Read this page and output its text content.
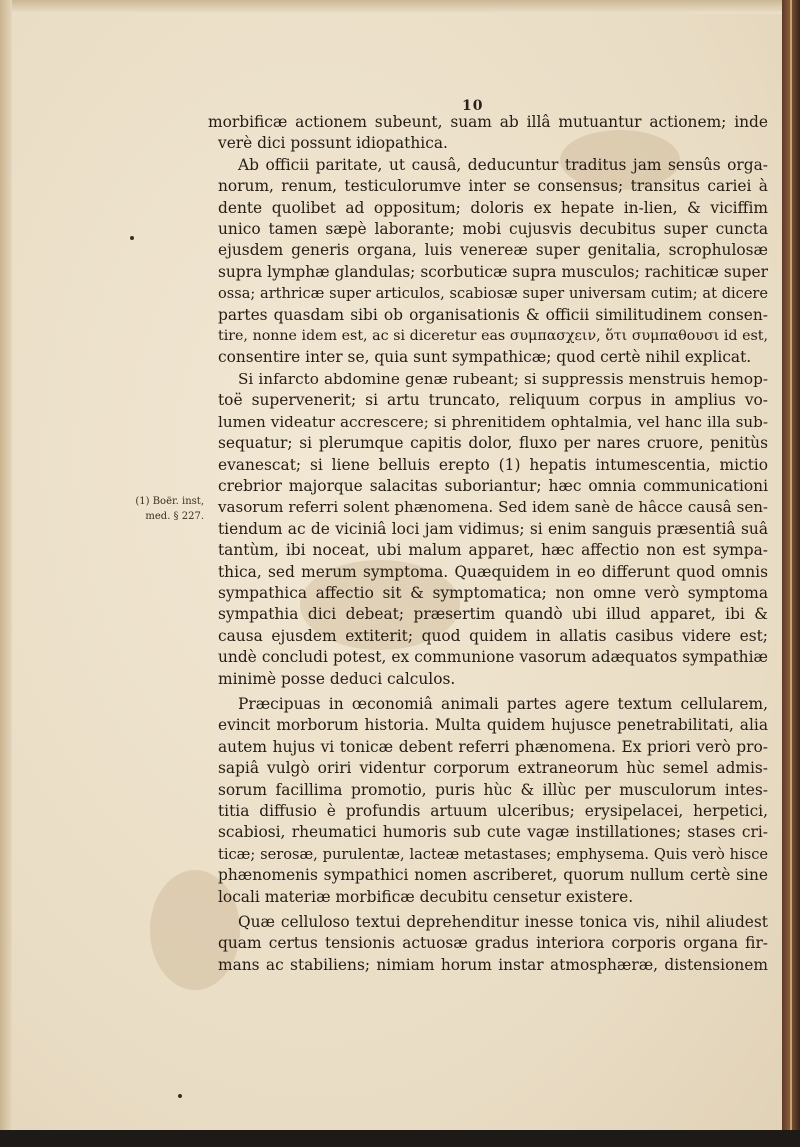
10
(1) Boër. inst,
med. § 227.
morbificæ actionem subeunt, suam ab illâ mutuantur actionem; inde
verè dici possunt idiopathica.
Ab officii paritate, ut causâ, deducuntur traditus jam sensûs orga-
norum, renum, testiculorumve inter se consensus; transitus cariei à
dente quolibet ad oppositum; doloris ex hepate in-lien, & viciffim
unico tamen sæpè laborante; mobi cujusvis decubitus super cuncta
ejusdem generis organa, luis venereæ super genitalia, scrophulosæ
supra lymphæ glandulas; scorbuticæ supra musculos; rachiticæ super
ossa; arthricæ super articulos, scabiosæ super universam cutim; at dicere
partes quasdam sibi ob organisationis & officii similitudinem consen-
tire, nonne idem est, ac si diceretur eas συμπασχειν, ὅτι συμπαθουσι id est,
consentire inter se, quia sunt sympathicæ; quod certè nihil explicat.
Si infarcto abdomine genæ rubeant; si suppressis menstruis hemop-
toë supervenerit; si artu truncato, reliquum corpus in amplius vo-
lumen videatur accrescere; si phrenitidem ophtalmia, vel hanc illa sub-
sequatur; si plerumque capitis dolor, fluxo per nares cruore, penitùs
evanescat; si liene belluis erepto (1) hepatis intumescentia, mictio
crebrior majorque salacitas suboriantur; hæc omnia communicationi
vasorum referri solent phænomena. Sed idem sanè de hâcce causâ sen-
tiendum ac de viciniâ loci jam vidimus; si enim sanguis præsentiâ suâ
tantùm, ibi noceat, ubi malum apparet, hæc affectio non est sympa-
thica, sed merum symptoma. Quæquidem in eo differunt quod omnis
sympathica affectio sit & symptomatica; non omne verò symptoma
sympathia dici debeat; præsertim quandò ubi illud apparet, ibi &
causa ejusdem extiterit; quod quidem in allatis casibus videre est;
undè concludi potest, ex communione vasorum adæquatos sympathiæ
minimè posse deduci calculos.
Præcipuas in œconomiâ animali partes agere textum cellularem,
evincit morborum historia. Multa quidem hujusce penetrabilitati, alia
autem hujus vi tonicæ debent referri phænomena. Ex priori verò pro-
sapiâ vulgò oriri videntur corporum extraneorum hùc semel admis-
sorum facillima promotio, puris hùc & illùc per musculorum intes-
titia diffusio è profundis artuum ulceribus; erysipelacei, herpetici,
scabiosi, rheumatici humoris sub cute vagæ instillationes; stases cri-
ticæ; serosæ, purulentæ, lacteæ metastases; emphysema. Quis verò hisce
phænomenis sympathici nomen ascriberet, quorum nullum certè sine
locali materiæ morbificæ decubitu censetur existere.
Quæ celluloso textui deprehenditur inesse tonica vis, nihil aliudest
quam certus tensionis actuosæ gradus interiora corporis organa fir-
mans ac stabiliens; nimiam horum instar atmosphæræ, distensionem
